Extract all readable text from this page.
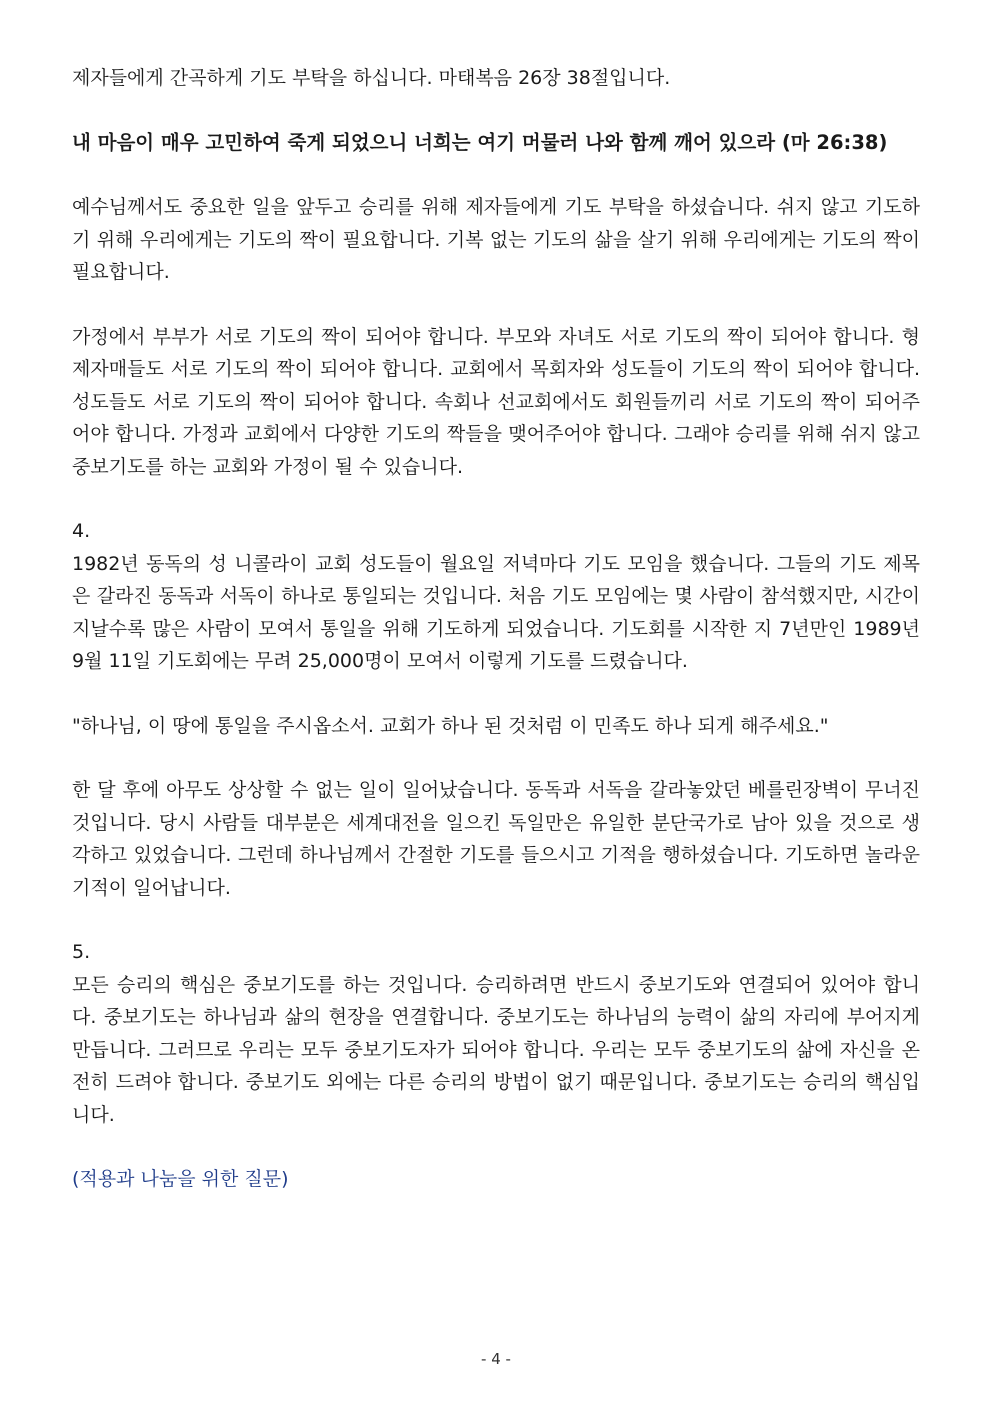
제자들에게 간곡하게 기도 부탁을 하십니다. 마태복음 26장 38절입니다.

내 마음이 매우 고민하여 죽게 되었으니 너희는 여기 머물러 나와 함께 깨어 있으라 (마 26:38)

예수님께서도 중요한 일을 앞두고 승리를 위해 제자들에게 기도 부탁을 하셨습니다. 쉬지 않고 기도하기 위해 우리에게는 기도의 짝이 필요합니다. 기복 없는 기도의 삶을 살기 위해 우리에게는 기도의 짝이 필요합니다.

가정에서 부부가 서로 기도의 짝이 되어야 합니다. 부모와 자녀도 서로 기도의 짝이 되어야 합니다. 형제자매들도 서로 기도의 짝이 되어야 합니다. 교회에서 목회자와 성도들이 기도의 짝이 되어야 합니다. 성도들도 서로 기도의 짝이 되어야 합니다. 속회나 선교회에서도 회원들끼리 서로 기도의 짝이 되어주어야 합니다. 가정과 교회에서 다양한 기도의 짝들을 맺어주어야 합니다. 그래야 승리를 위해 쉬지 않고 중보기도를 하는 교회와 가정이 될 수 있습니다.

4.

1982년 동독의 성 니콜라이 교회 성도들이 월요일 저녁마다 기도 모임을 했습니다. 그들의 기도 제목은 갈라진 동독과 서독이 하나로 통일되는 것입니다. 처음 기도 모임에는 몇 사람이 참석했지만, 시간이 지날수록 많은 사람이 모여서 통일을 위해 기도하게 되었습니다. 기도회를 시작한 지 7년만인 1989년 9월 11일 기도회에는 무려 25,000명이 모여서 이렇게 기도를 드렸습니다.

"하나님, 이 땅에 통일을 주시옵소서. 교회가 하나 된 것처럼 이 민족도 하나 되게 해주세요."

한 달 후에 아무도 상상할 수 없는 일이 일어났습니다. 동독과 서독을 갈라놓았던 베를린장벽이 무너진 것입니다. 당시 사람들 대부분은 세계대전을 일으킨 독일만은 유일한 분단국가로 남아 있을 것으로 생각하고 있었습니다. 그런데 하나님께서 간절한 기도를 들으시고 기적을 행하셨습니다. 기도하면 놀라운 기적이 일어납니다.

5.

모든 승리의 핵심은 중보기도를 하는 것입니다. 승리하려면 반드시 중보기도와 연결되어 있어야 합니다. 중보기도는 하나님과 삶의 현장을 연결합니다. 중보기도는 하나님의 능력이 삶의 자리에 부어지게 만듭니다. 그러므로 우리는 모두 중보기도자가 되어야 합니다. 우리는 모두 중보기도의 삶에 자신을 온전히 드려야 합니다. 중보기도 외에는 다른 승리의 방법이 없기 때문입니다. 중보기도는 승리의 핵심입니다.

(적용과 나눔을 위한 질문)

- 4 -
